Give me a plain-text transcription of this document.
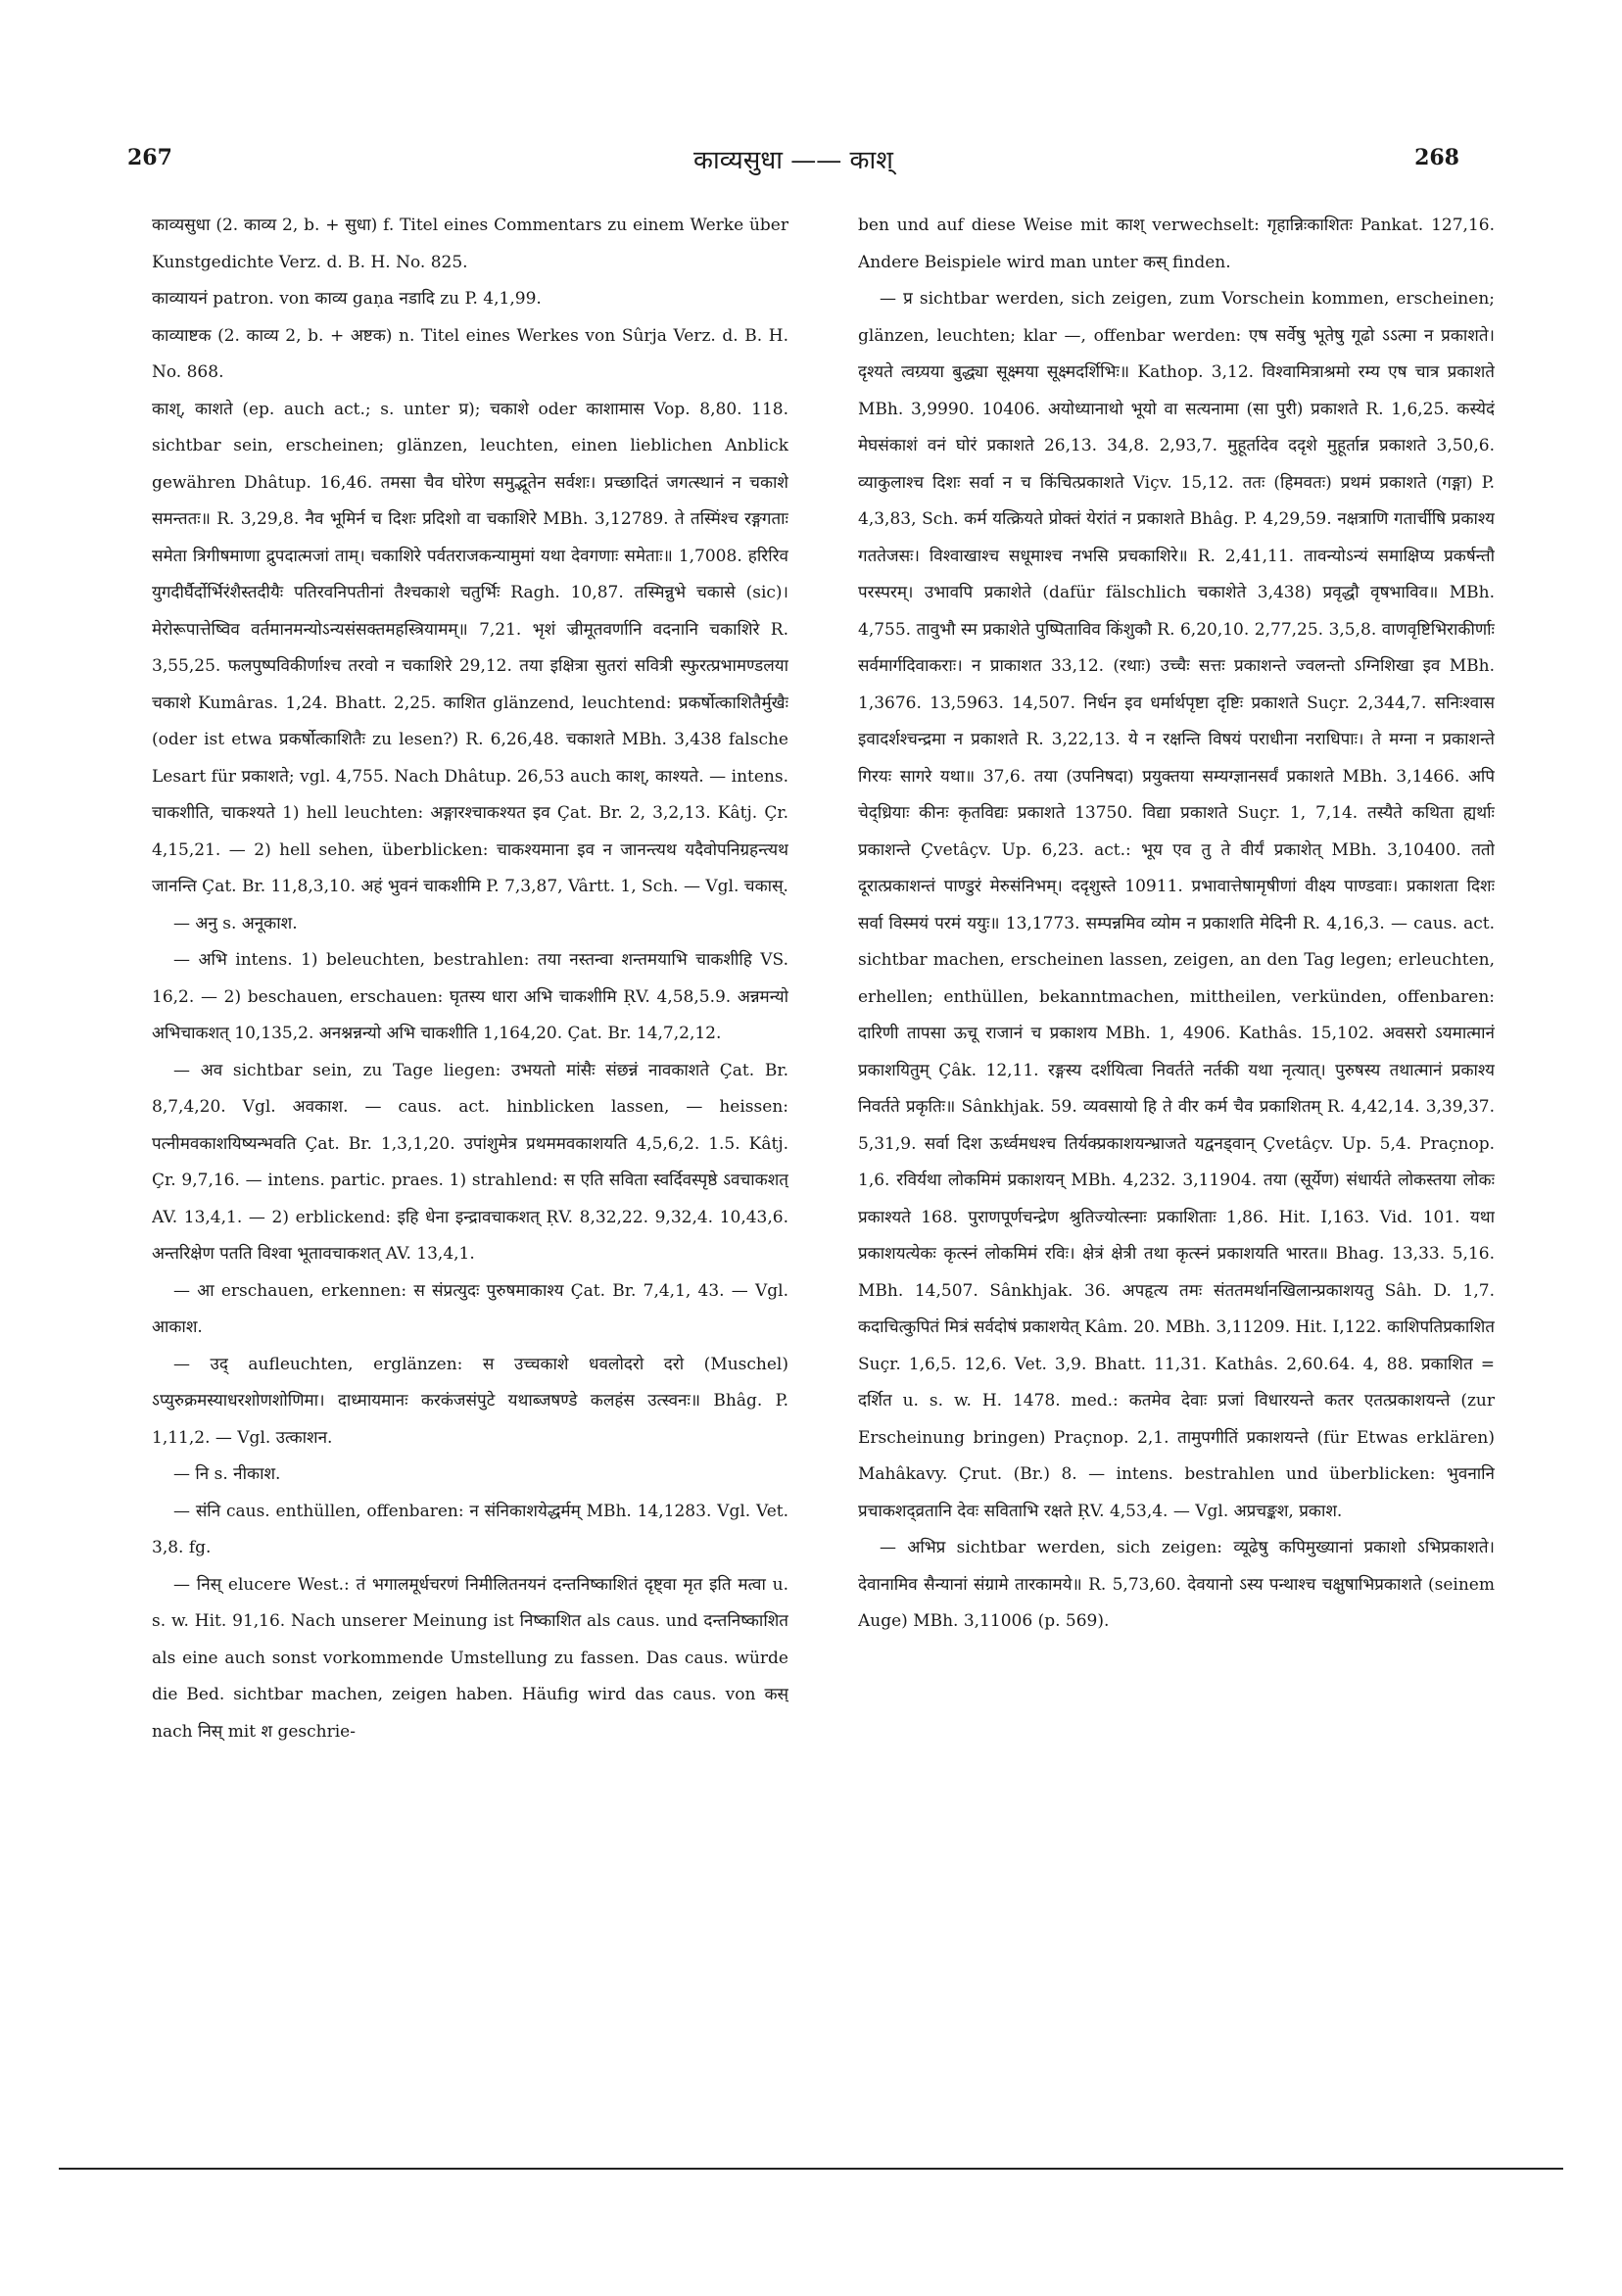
267	काव्यसुधा —— काश्	268

काव्यसुधा (2. काव्य 2, b. + सुधा) f. Titel eines Commentars zu einem Werke über Kunstgedichte Verz. d. B. H. No. 825.

काव्यायनं patron. von काव्य gaṇa नडादि zu P. 4,1,99.

काव्याष्टक (2. काव्य 2, b. + अष्टक) n. Titel eines Werkes von Sûrja Verz. d. B. H. No. 868.

काश्, काशते (ep. auch act.; s. unter प्र); चकाशे oder काशामास Vop. 8,80. 118. sichtbar sein, erscheinen; glänzen, leuchten, einen lieblichen Anblick gewähren Dhâtup. 16,46. तमसा चैव घोरेण समुद्भूतेन सर्वशः। प्रच्छादितं जगत्स्थानं न चकाशे समन्ततः॥ R. 3,29,8. नैव भूमिर्न च दिशः प्रदिशो वा चकाशिरे MBh. 3,12789. ते तस्मिंश्च रङ्गगताः समेता त्रिगीषमाणा द्रुपदात्मजां ताम्। चकाशिरे पर्वतराजकन्यामुमां यथा देवगणाः समेताः॥ 1,7008. हरिरिव युगदीर्घैर्दोर्भिरंशैस्तदीयैः पतिरवनिपतीनां तैश्चकाशे चतुर्भिः Ragh. 10,87. तस्मिन्नुभे चकासे (sic)। मेरोरूपात्तेष्विव वर्तमानमन्योऽन्यसंसक्तमहस्त्रियामम्॥ 7,21. भृशं ज्रीमूतवर्णानि वदनानि चकाशिरे R. 3,55,25. फलपुष्पविकीर्णाश्च तरवो न चकाशिरे 29,12. तया इक्षित्रा सुतरां सवित्री स्फुरत्प्रभामण्डलया चकाशे Kumâras. 1,24. Bhatt. 2,25. काशित glänzend, leuchtend: प्रकर्षोत्काशितैर्मुखैः (oder ist etwa प्रकर्षोत्काशितैः zu lesen?) R. 6,26,48. चकाशते MBh. 3,438 falsche Lesart für प्रकाशते; vgl. 4,755. Nach Dhâtup. 26,53 auch काश्, काश्यते. — intens. चाकशीति, चाकश्यते 1) hell leuchten: अङ्गारश्चाकश्यत इव Çat. Br. 2, 3,2,13. Kâtj. Çr. 4,15,21. — 2) hell sehen, überblicken: चाकश्यमाना इव न जानन्त्यथ यदैवोपनिग्रहन्त्यथ जानन्ति Çat. Br. 11,8,3,10. अहं भुवनं चाकशीमि P. 7,3,87, Vârtt. 1, Sch. — Vgl. चकास्.

— अनु s. अनूकाश.

— अभि intens. 1) beleuchten, bestrahlen: तया नस्तन्वा शन्तमयाभि चाकशीहि VS. 16,2. — 2) beschauen, erschauen: घृतस्य धारा अभि चाकशीमि ṚV. 4,58,5.9. अन्नमन्यो अभिचाकशत् 10,135,2. अनश्नन्नन्यो अभि चाकशीति 1,164,20. Çat. Br. 14,7,2,12.

— अव sichtbar sein, zu Tage liegen: उभयतो मांसैः संछन्नं नावकाशते Çat. Br. 8,7,4,20. Vgl. अवकाश. — caus. act. hinblicken lassen, — heissen: पत्नीमवकाशयिष्यन्भवति Çat. Br. 1,3,1,20. उपांशुमेत्र प्रथममवकाशयति 4,5,6,2. 1.5. Kâtj. Çr. 9,7,16. — intens. partic. praes. 1) strahlend: स एति सविता स्वर्दिवस्पृष्ठे ऽवचाकशत् AV. 13,4,1. — 2) erblickend: इहि धेना इन्द्रावचाकशत् ṚV. 8,32,22. 9,32,4. 10,43,6. अन्तरिक्षेण पतति विश्वा भूतावचाकशत् AV. 13,4,1.

— आ erschauen, erkennen: स संप्रत्युदः पुरुषमाकाश्य Çat. Br. 7,4,1, 43. — Vgl. आकाश.

— उद् aufleuchten, erglänzen: स उच्चकाशे धवलोदरो दरो (Muschel) ऽप्युरुक्रमस्याधरशोणशोणिमा। दाध्मायमानः करकंजसंपुटे यथाब्जषण्डे कलहंस उत्स्वनः॥ Bhâg. P. 1,11,2. — Vgl. उत्काशन.

— नि s. नीकाश.

— संनि caus. enthüllen, offenbaren: न संनिकाशयेद्धर्मम् MBh. 14,1283. Vgl. Vet. 3,8. fg.

— निस् elucere West.: तं भगालमूर्धचरणं निमीलितनयनं दन्तनिष्काशितं दृष्ट्वा मृत इति मत्वा u. s. w. Hit. 91,16. Nach unserer Meinung ist निष्काशित als caus. und दन्तनिष्काशित als eine auch sonst vorkommende Umstellung zu fassen. Das caus. würde die Bed. sichtbar machen, zeigen haben. Häufig wird das caus. von कस् nach निस् mit श geschrie-

ben und auf diese Weise mit काश् verwechselt: गृहान्निःकाशितः Pankat. 127,16. Andere Beispiele wird man unter कस् finden.

— प्र sichtbar werden, sich zeigen, zum Vorschein kommen, erscheinen; glänzen, leuchten; klar —, offenbar werden: एष सर्वेषु भूतेषु गूढो ऽऽत्मा न प्रकाशते। दृश्यते त्वग्र्यया बुद्ध्या सूक्ष्मया सूक्ष्मदर्शिभिः॥ Kathop. 3,12. विश्वामित्राश्रमो रम्य एष चात्र प्रकाशते MBh. 3,9990. 10406. अयोध्यानाथो भूयो वा सत्यनामा (सा पुरी) प्रकाशते R. 1,6,25. कस्येदं मेघसंकाशं वनं घोरं प्रकाशते 26,13. 34,8. 2,93,7. मुहूर्तादेव ददृशे मुहूर्तान्न प्रकाशते 3,50,6. व्याकुलाश्च दिशः सर्वा न च किंचित्प्रकाशते Viçv. 15,12. ततः (हिमवतः) प्रथमं प्रकाशते (गङ्गा) P. 4,3,83, Sch. कर्म यत्क्रियते प्रोक्तं येरांतं न प्रकाशते Bhâg. P. 4,29,59. नक्षत्राणि गतार्चीषि प्रकाश्य गततेजसः। विश्वाखाश्च सधूमाश्च नभसि प्रचकाशिरे॥ R. 2,41,11. तावन्योऽन्यं समाक्षिप्य प्रकर्षन्तौ परस्परम्। उभावपि प्रकाशेते (dafür fälschlich चकाशेते 3,438) प्रवृद्धौ वृषभाविव॥ MBh. 4,755. तावुभौ स्म प्रकाशेते पुष्पिताविव किंशुकौ R. 6,20,10. 2,77,25. 3,5,8. वाणवृष्टिभिराकीर्णाः सर्वमार्गदिवाकराः। न प्राकाशत 33,12. (रथाः) उच्चैः सत्तः प्रकाशन्ते ज्वलन्तो ऽग्निशिखा इव MBh. 1,3676. 13,5963. 14,507. निर्धन इव धर्मार्थपृष्टा दृष्टिः प्रकाशते Suçr. 2,344,7. सनिःश्वास इवादर्शश्चन्द्रमा न प्रकाशते R. 3,22,13. ये न रक्षन्ति विषयं पराधीना नराधिपाः। ते मग्ना न प्रकाशन्ते गिरयः सागरे यथा॥ 37,6. तया (उपनिषदा) प्रयुक्तया सम्यग्ज्ञानसर्वं प्रकाशते MBh. 3,1466. अपि चेद्ध्रियाः कीनः कृतविद्यः प्रकाशते 13750. विद्या प्रकाशते Suçr. 1, 7,14. तस्यैते कथिता ह्यर्थाः प्रकाशन्ते Çvetâçv. Up. 6,23. act.: भूय एव तु ते वीर्यं प्रकाशेत् MBh. 3,10400. ततो दूरात्प्रकाशन्तं पाण्डुरं मेरुसंनिभम्। ददृशुस्ते 10911. प्रभावात्तेषामृषीणां वीक्ष्य पाण्डवाः। प्रकाशता दिशः सर्वा विस्मयं परमं ययुः॥ 13,1773. सम्पन्नमिव व्योम न प्रकाशति मेदिनी R. 4,16,3. — caus. act. sichtbar machen, erscheinen lassen, zeigen, an den Tag legen; erleuchten, erhellen; enthüllen, bekanntmachen, mittheilen, verkünden, offenbaren: दारिणी तापसा ऊचू राजानं च प्रकाशय MBh. 1, 4906. Kathâs. 15,102. अवसरो ऽयमात्मानं प्रकाशयितुम् Çâk. 12,11. रङ्गस्य दर्शयित्वा निवर्तते नर्तकी यथा नृत्यात्। पुरुषस्य तथात्मानं प्रकाश्य निवर्तते प्रकृतिः॥ Sânkhjak. 59. व्यवसायो हि ते वीर कर्म चैव प्रकाशितम् R. 4,42,14. 3,39,37. 5,31,9. सर्वा दिश ऊर्ध्वमधश्च तिर्यक्प्रकाशयन्भ्राजते यद्वनड्वान् Çvetâçv. Up. 5,4. Praçnop. 1,6. रविर्यथा लोकमिमं प्रकाशयन् MBh. 4,232. 3,11904. तया (सूर्येण) संधार्यते लोकस्तया लोकः प्रकाश्यते 168. पुराणपूर्णचन्द्रेण श्रुतिज्योत्स्नाः प्रकाशिताः 1,86. Hit. I,163. Vid. 101. यथा प्रकाशयत्येकः कृत्स्नं लोकमिमं रविः। क्षेत्रं क्षेत्री तथा कृत्स्नं प्रकाशयति भारत॥ Bhag. 13,33. 5,16. MBh. 14,507. Sânkhjak. 36. अपहृत्य तमः संततमर्थानखिलान्प्रकाशयतु Sâh. D. 1,7. कदाचित्कुपितं मित्रं सर्वदोषं प्रकाशयेत् Kâm. 20. MBh. 3,11209. Hit. I,122. काशिपतिप्रकाशित Suçr. 1,6,5. 12,6. Vet. 3,9. Bhatt. 11,31. Kathâs. 2,60.64. 4, 88. प्रकाशित = दर्शित u. s. w. H. 1478. med.: कतमेव देवाः प्रजां विधारयन्ते कतर एतत्प्रकाशयन्ते (zur Erscheinung bringen) Praçnop. 2,1. तामुपगीतिं प्रकाशयन्ते (für Etwas erklären) Mahâkavy. Çrut. (Br.) 8. — intens. bestrahlen und überblicken: भुवनानि प्रचाकशद्व्रतानि देवः सविताभि रक्षते ṚV. 4,53,4. — Vgl. अप्रचङ्कश, प्रकाश.

— अभिप्र sichtbar werden, sich zeigen: व्यूढेषु कपिमुख्यानां प्रकाशो ऽभिप्रकाशते। देवानामिव सैन्यानां संग्रामे तारकामये॥ R. 5,73,60. देवयानो ऽस्य पन्थाश्च चक्षुषाभिप्रकाशते (seinem Auge) MBh. 3,11006 (p. 569).
